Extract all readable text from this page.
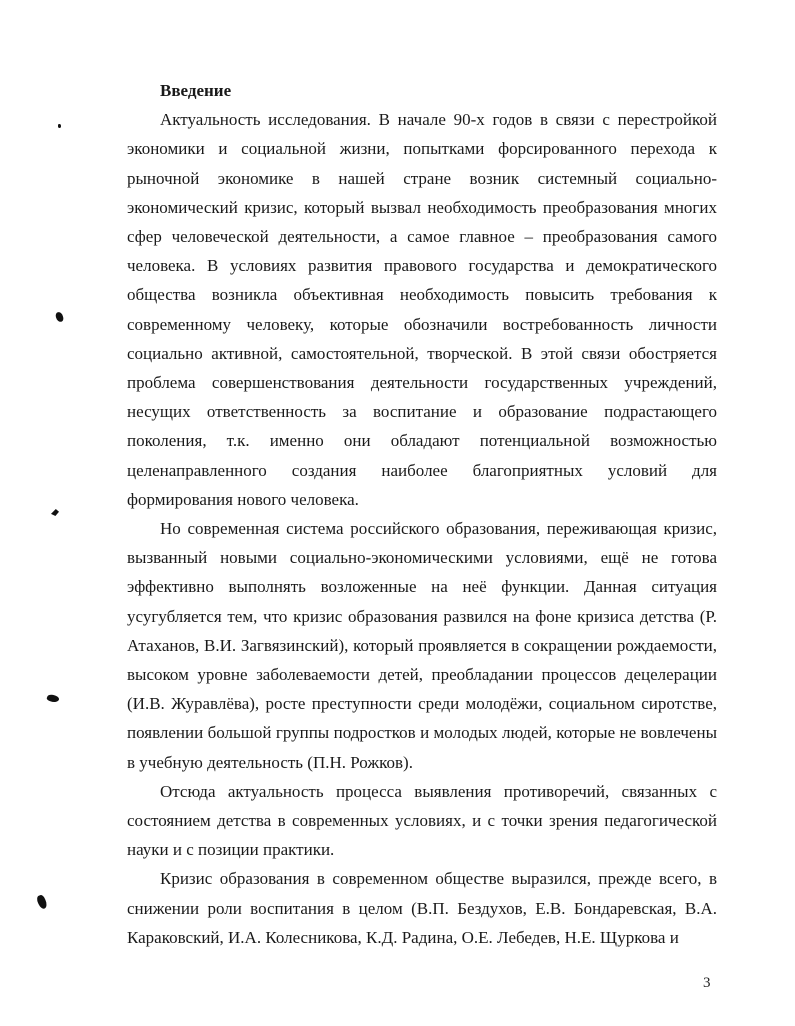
Введение

Актуальность исследования. В начале 90-х годов в связи с перестройкой экономики и социальной жизни, попытками форсированного перехода к рыночной экономике в нашей стране возник системный социально-экономический кризис, который вызвал необходимость преобразования многих сфер человеческой деятельности, а самое главное – преобразования самого человека. В условиях развития правового государства и демократического общества возникла объективная необходимость повысить требования к современному человеку, которые обозначили востребованность личности социально активной, самостоятельной, творческой. В этой связи обостряется проблема совершенствования деятельности государственных учреждений, несущих ответственность за воспитание и образование подрастающего поколения, т.к. именно они обладают потенциальной возможностью целенаправленного создания наиболее благоприятных условий для формирования нового человека.

Но современная система российского образования, переживающая кризис, вызванный новыми социально-экономическими условиями, ещё не готова эффективно выполнять возложенные на неё функции. Данная ситуация усугубляется тем, что кризис образования развился на фоне кризиса детства (Р. Атаханов, В.И. Загвязинский), который проявляется в сокращении рождаемости, высоком уровне заболеваемости детей, преобладании процессов децелерации (И.В. Журавлёва), росте преступности среди молодёжи, социальном сиротстве, появлении большой группы подростков и молодых людей, которые не вовлечены в учебную деятельность (П.Н. Рожков).

Отсюда актуальность процесса выявления противоречий, связанных с состоянием детства в современных условиях, и с точки зрения педагогической науки и с позиции практики.

Кризис образования в современном обществе выразился, прежде всего, в снижении роли воспитания в целом (В.П. Бездухов, Е.В. Бондаревская, В.А. Караковский, И.А. Колесникова, К.Д. Радина, О.Е. Лебедев, Н.Е. Щуркова и

3
